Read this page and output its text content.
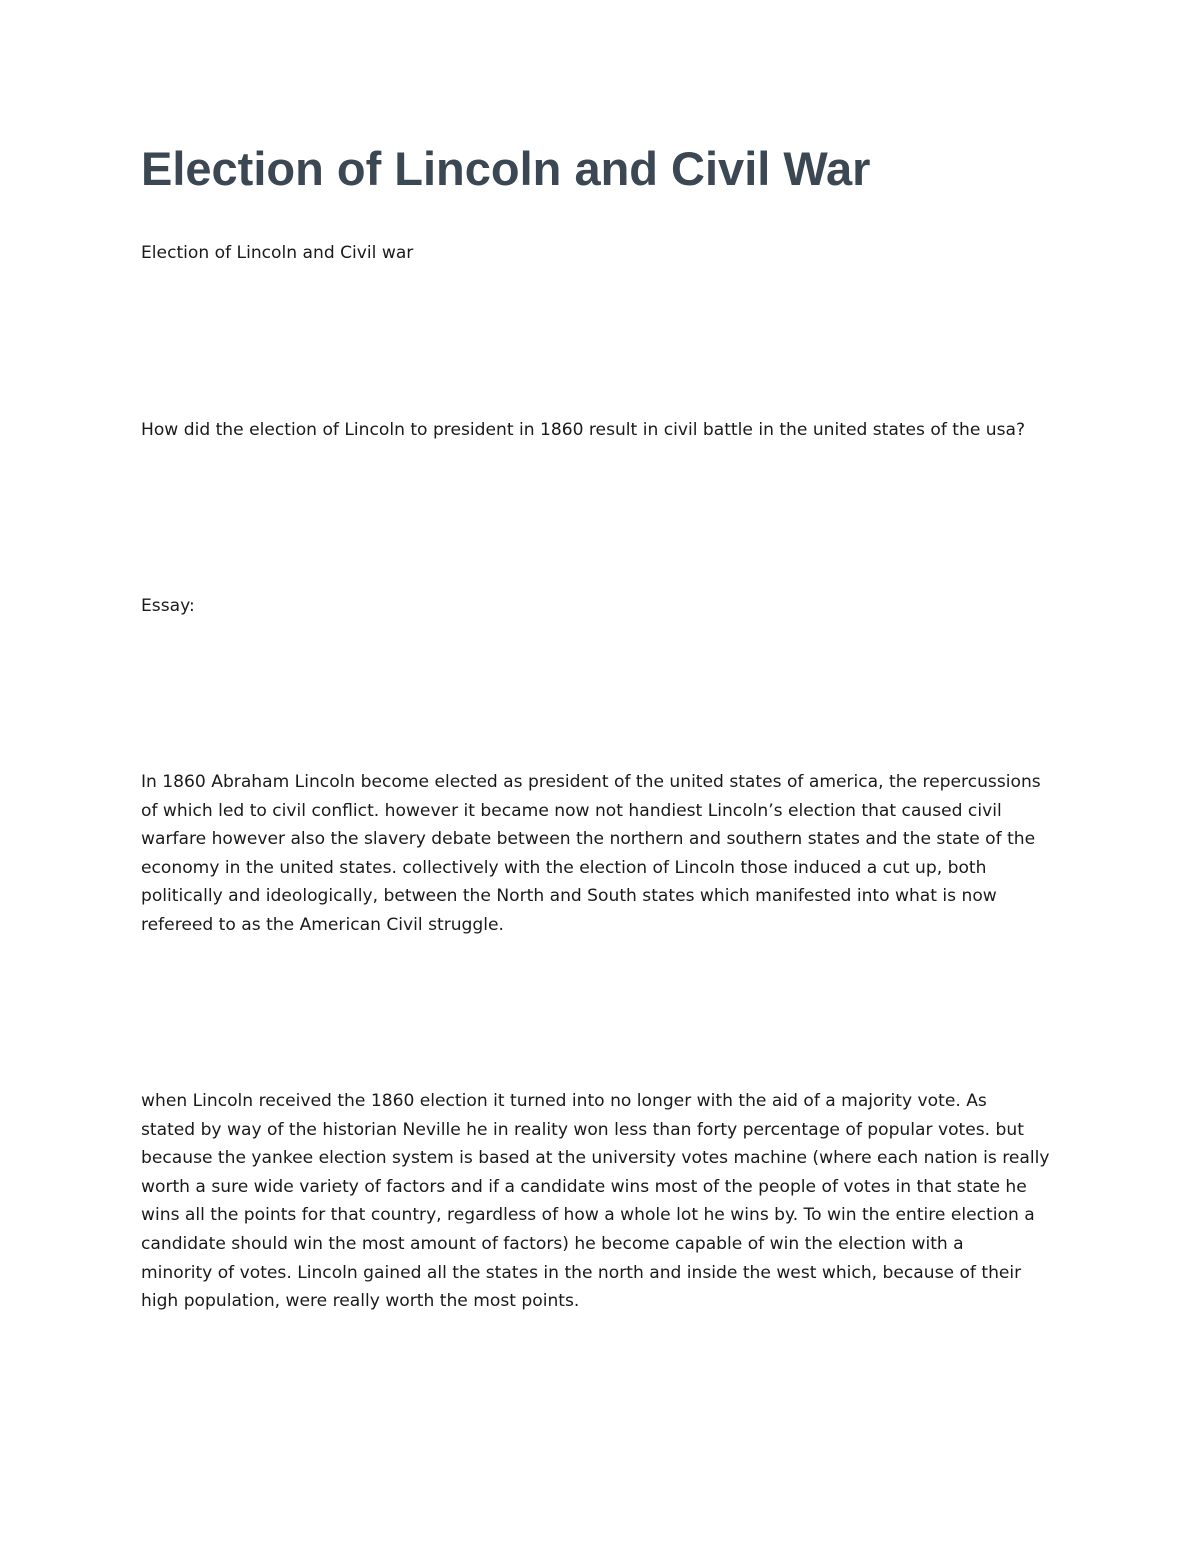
Election of Lincoln and Civil War

Election of Lincoln and Civil war

How did the election of Lincoln to president in 1860 result in civil battle in the united states of the usa?

Essay:

In 1860 Abraham Lincoln become elected as president of the united states of america, the repercussions
of which led to civil conflict. however it became now not handiest Lincoln’s election that caused civil
warfare however also the slavery debate between the northern and southern states and the state of the
economy in the united states. collectively with the election of Lincoln those induced a cut up, both
politically and ideologically, between the North and South states which manifested into what is now
refereed to as the American Civil struggle.
when Lincoln received the 1860 election it turned into no longer with the aid of a majority vote. As
stated by way of the historian Neville he in reality won less than forty percentage of popular votes. but
because the yankee election system is based at the university votes machine (where each nation is really
worth a sure wide variety of factors and if a candidate wins most of the people of votes in that state he
wins all the points for that country, regardless of how a whole lot he wins by. To win the entire election a
candidate should win the most amount of factors) he become capable of win the election with a
minority of votes. Lincoln gained all the states in the north and inside the west which, because of their
high population, were really worth the most points.
